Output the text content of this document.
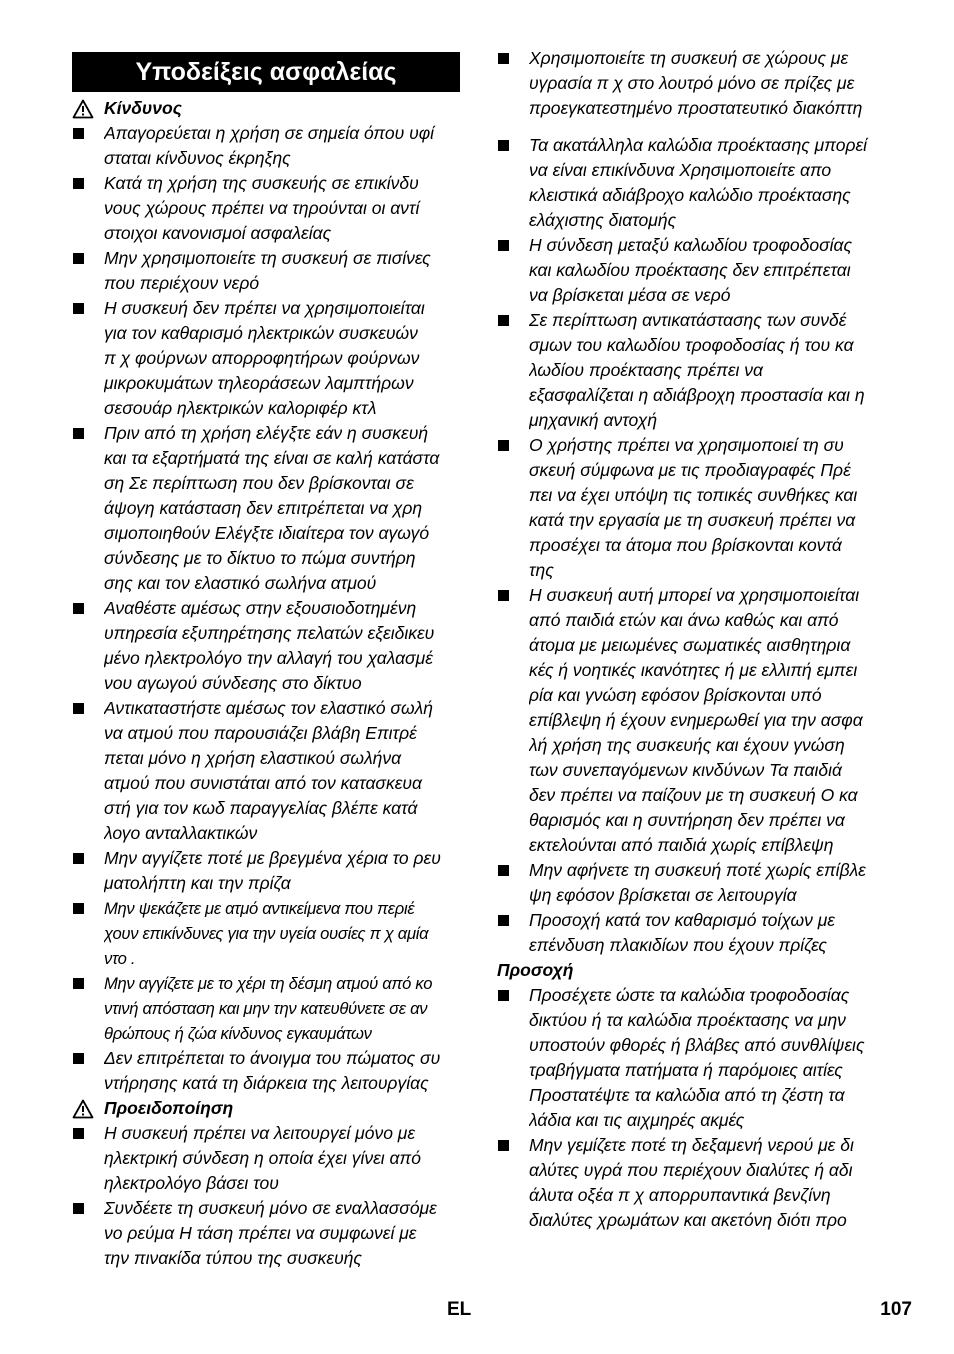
Υποδείξεις ασφαλείας
Κίνδυνος
Απαγορεύεται η χρήση σε σημεία όπου υφί
σταται κίνδυνος έκρηξης
Κατά τη χρήση της συσκευής σε επικίνδυ
νους χώρους πρέπει να τηρούνται οι αντί
στοιχοι κανονισμοί ασφαλείας
Μην χρησιμοποιείτε τη συσκευή σε πισίνες
που περιέχουν νερό
Η συσκευή δεν πρέπει να χρησιμοποιείται
για τον καθαρισμό ηλεκτρικών συσκευών
π χ φούρνων απορροφητήρων φούρνων
μικροκυμάτων τηλεοράσεων λαμπτήρων
σεσουάρ ηλεκτρικών καλοριφέρ κτλ
Πριν από τη χρήση ελέγξτε εάν η συσκευή
και τα εξαρτήματά της είναι σε καλή κατάστα
ση Σε περίπτωση που δεν βρίσκονται σε
άψογη κατάσταση δεν επιτρέπεται να χρη
σιμοποιηθούν Ελέγξτε ιδιαίτερα τον αγωγό
σύνδεσης με το δίκτυο το πώμα συντήρη
σης και τον ελαστικό σωλήνα ατμού
Αναθέστε αμέσως στην εξουσιοδοτημένη
υπηρεσία εξυπηρέτησης πελατών εξειδικευ
μένο ηλεκτρολόγο την αλλαγή του χαλασμέ
νου αγωγού σύνδεσης στο δίκτυο
Αντικαταστήστε αμέσως τον ελαστικό σωλή
να ατμού που παρουσιάζει βλάβη Επιτρέ
πεται μόνο η χρήση ελαστικού σωλήνα
ατμού που συνιστάται από τον κατασκευα
στή για τον κωδ παραγγελίας βλέπε κατά
λογο ανταλλακτικών
Μην αγγίζετε ποτέ με βρεγμένα χέρια το ρευ
ματολήπτη και την πρίζα
Μην ψεκάζετε με ατμό αντικείμενα που περιέ
χουν επικίνδυνες για την υγεία ουσίες π χ αμία
ντο .
Μην αγγίζετε με το χέρι τη δέσμη ατμού από κο
ντινή απόσταση και μην την κατευθύνετε σε αν
θρώπους ή ζώα κίνδυνος εγκαυμάτων
Δεν επιτρέπεται το άνοιγμα του πώματος συ
ντήρησης κατά τη διάρκεια της λειτουργίας
Προειδοποίηση
Η συσκευή πρέπει να λειτουργεί μόνο με
ηλεκτρική σύνδεση η οποία έχει γίνει από
ηλεκτρολόγο βάσει του
Συνδέετε τη συσκευή μόνο σε εναλλασσόμε
νο ρεύμα Η τάση πρέπει να συμφωνεί με
την πινακίδα τύπου της συσκευής
Χρησιμοποιείτε τη συσκευή σε χώρους με
υγρασία π χ στο λουτρό μόνο σε πρίζες με
προεγκατεστημένο προστατευτικό διακόπτη
Τα ακατάλληλα καλώδια προέκτασης μπορεί
να είναι επικίνδυνα Χρησιμοποιείτε απο
κλειστικά αδιάβροχο καλώδιο προέκτασης
ελάχιστης διατομής
Η σύνδεση μεταξύ καλωδίου τροφοδοσίας
και καλωδίου προέκτασης δεν επιτρέπεται
να βρίσκεται μέσα σε νερό
Σε περίπτωση αντικατάστασης των συνδέ
σμων του καλωδίου τροφοδοσίας ή του κα
λωδίου προέκτασης πρέπει να
εξασφαλίζεται η αδιάβροχη προστασία και η
μηχανική αντοχή
Ο χρήστης πρέπει να χρησιμοποιεί τη συ
σκευή σύμφωνα με τις προδιαγραφές Πρέ
πει να έχει υπόψη τις τοπικές συνθήκες και
κατά την εργασία με τη συσκευή πρέπει να
προσέχει τα άτομα που βρίσκονται κοντά
της
Η συσκευή αυτή μπορεί να χρησιμοποιείται
από παιδιά ετών και άνω καθώς και από
άτομα με μειωμένες σωματικές αισθητηρια
κές ή νοητικές ικανότητες ή με ελλιπή εμπει
ρία και γνώση εφόσον βρίσκονται υπό
επίβλεψη ή έχουν ενημερωθεί για την ασφα
λή χρήση της συσκευής και έχουν γνώση
των συνεπαγόμενων κινδύνων Τα παιδιά
δεν πρέπει να παίζουν με τη συσκευή Ο κα
θαρισμός και η συντήρηση δεν πρέπει να
εκτελούνται από παιδιά χωρίς επίβλεψη
Μην αφήνετε τη συσκευή ποτέ χωρίς επίβλε
ψη εφόσον βρίσκεται σε λειτουργία
Προσοχή κατά τον καθαρισμό τοίχων με
επένδυση πλακιδίων που έχουν πρίζες
Προσοχή
Προσέχετε ώστε τα καλώδια τροφοδοσίας
δικτύου ή τα καλώδια προέκτασης να μην
υποστούν φθορές ή βλάβες από συνθλίψεις
τραβήγματα πατήματα ή παρόμοιες αιτίες
Προστατέψτε τα καλώδια από τη ζέστη τα
λάδια και τις αιχμηρές ακμές
Μην γεμίζετε ποτέ τη δεξαμενή νερού με δι
αλύτες υγρά που περιέχουν διαλύτες ή αδι
άλυτα οξέα π χ απορρυπαντικά βενζίνη
διαλύτες χρωμάτων και ακετόνη διότι προ
EL	107
